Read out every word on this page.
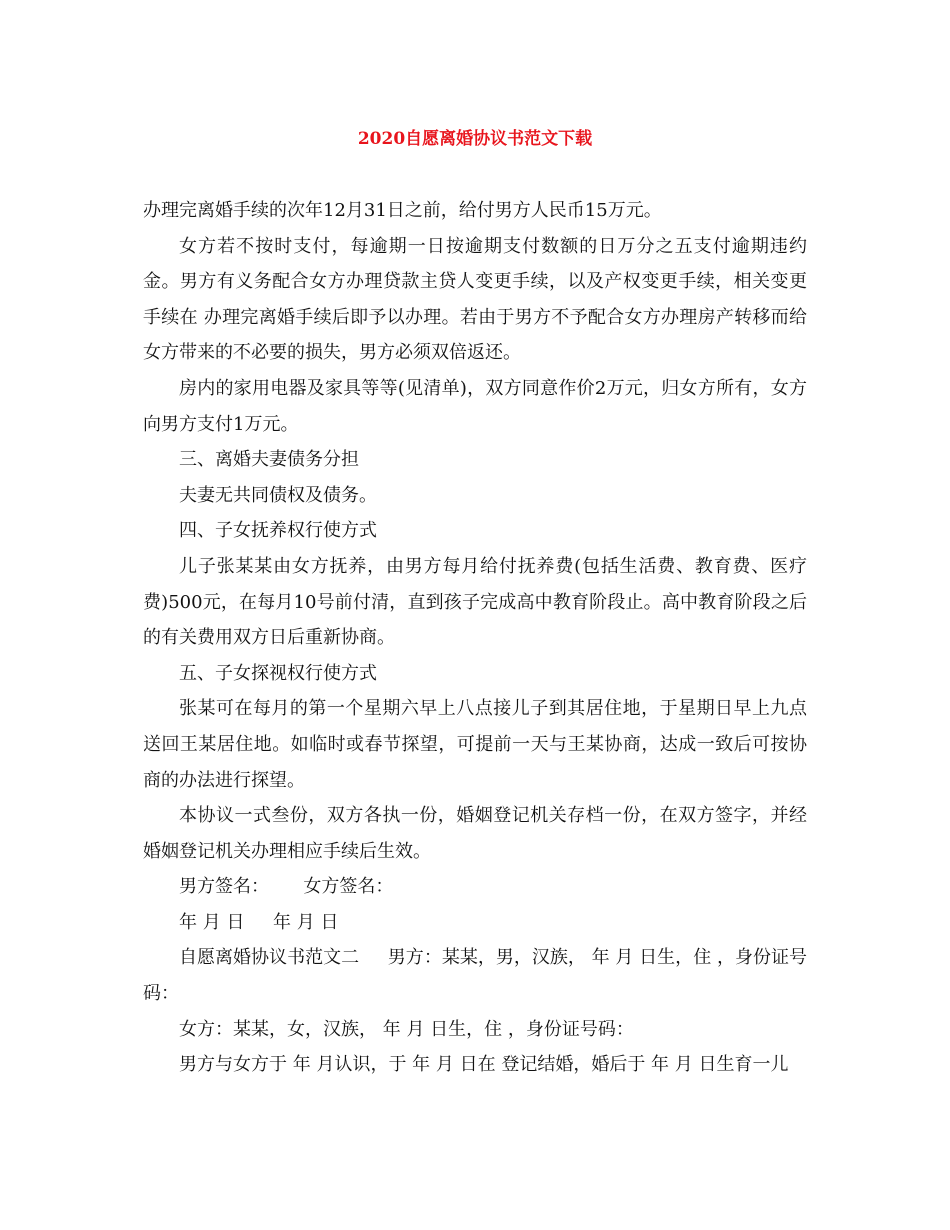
2020自愿离婚协议书范文下载

办理完离婚手续的次年12月31日之前，给付男方人民币15万元。

女方若不按时支付，每逾期一日按逾期支付数额的日万分之五支付逾期违约金。男方有义务配合女方办理贷款主贷人变更手续，以及产权变更手续，相关变更手续在 办理完离婚手续后即予以办理。若由于男方不予配合女方办理房产转移而给女方带来的不必要的损失，男方必须双倍返还。

房内的家用电器及家具等等(见清单)，双方同意作价2万元，归女方所有，女方向男方支付1万元。

三、离婚夫妻债务分担

夫妻无共同债权及债务。

四、子女抚养权行使方式

儿子张某某由女方抚养，由男方每月给付抚养费(包括生活费、教育费、医疗费)500元，在每月10号前付清，直到孩子完成高中教育阶段止。高中教育阶段之后的有关费用双方日后重新协商。

五、子女探视权行使方式

张某可在每月的第一个星期六早上八点接儿子到其居住地，于星期日早上九点送回王某居住地。如临时或春节探望，可提前一天与王某协商，达成一致后可按协商的办法进行探望。

本协议一式叁份，双方各执一份，婚姻登记机关存档一份，在双方签字，并经婚姻登记机关办理相应手续后生效。

男方签名：      女方签名：

年 月 日     年 月 日

自愿离婚协议书范文二     男方：某某，男，汉族， 年 月 日生，住 ，身份证号码：

女方：某某，女，汉族， 年 月 日生，住 ，身份证号码：

男方与女方于 年 月认识，于 年 月 日在 登记结婚，婚后于 年 月 日生育一儿
